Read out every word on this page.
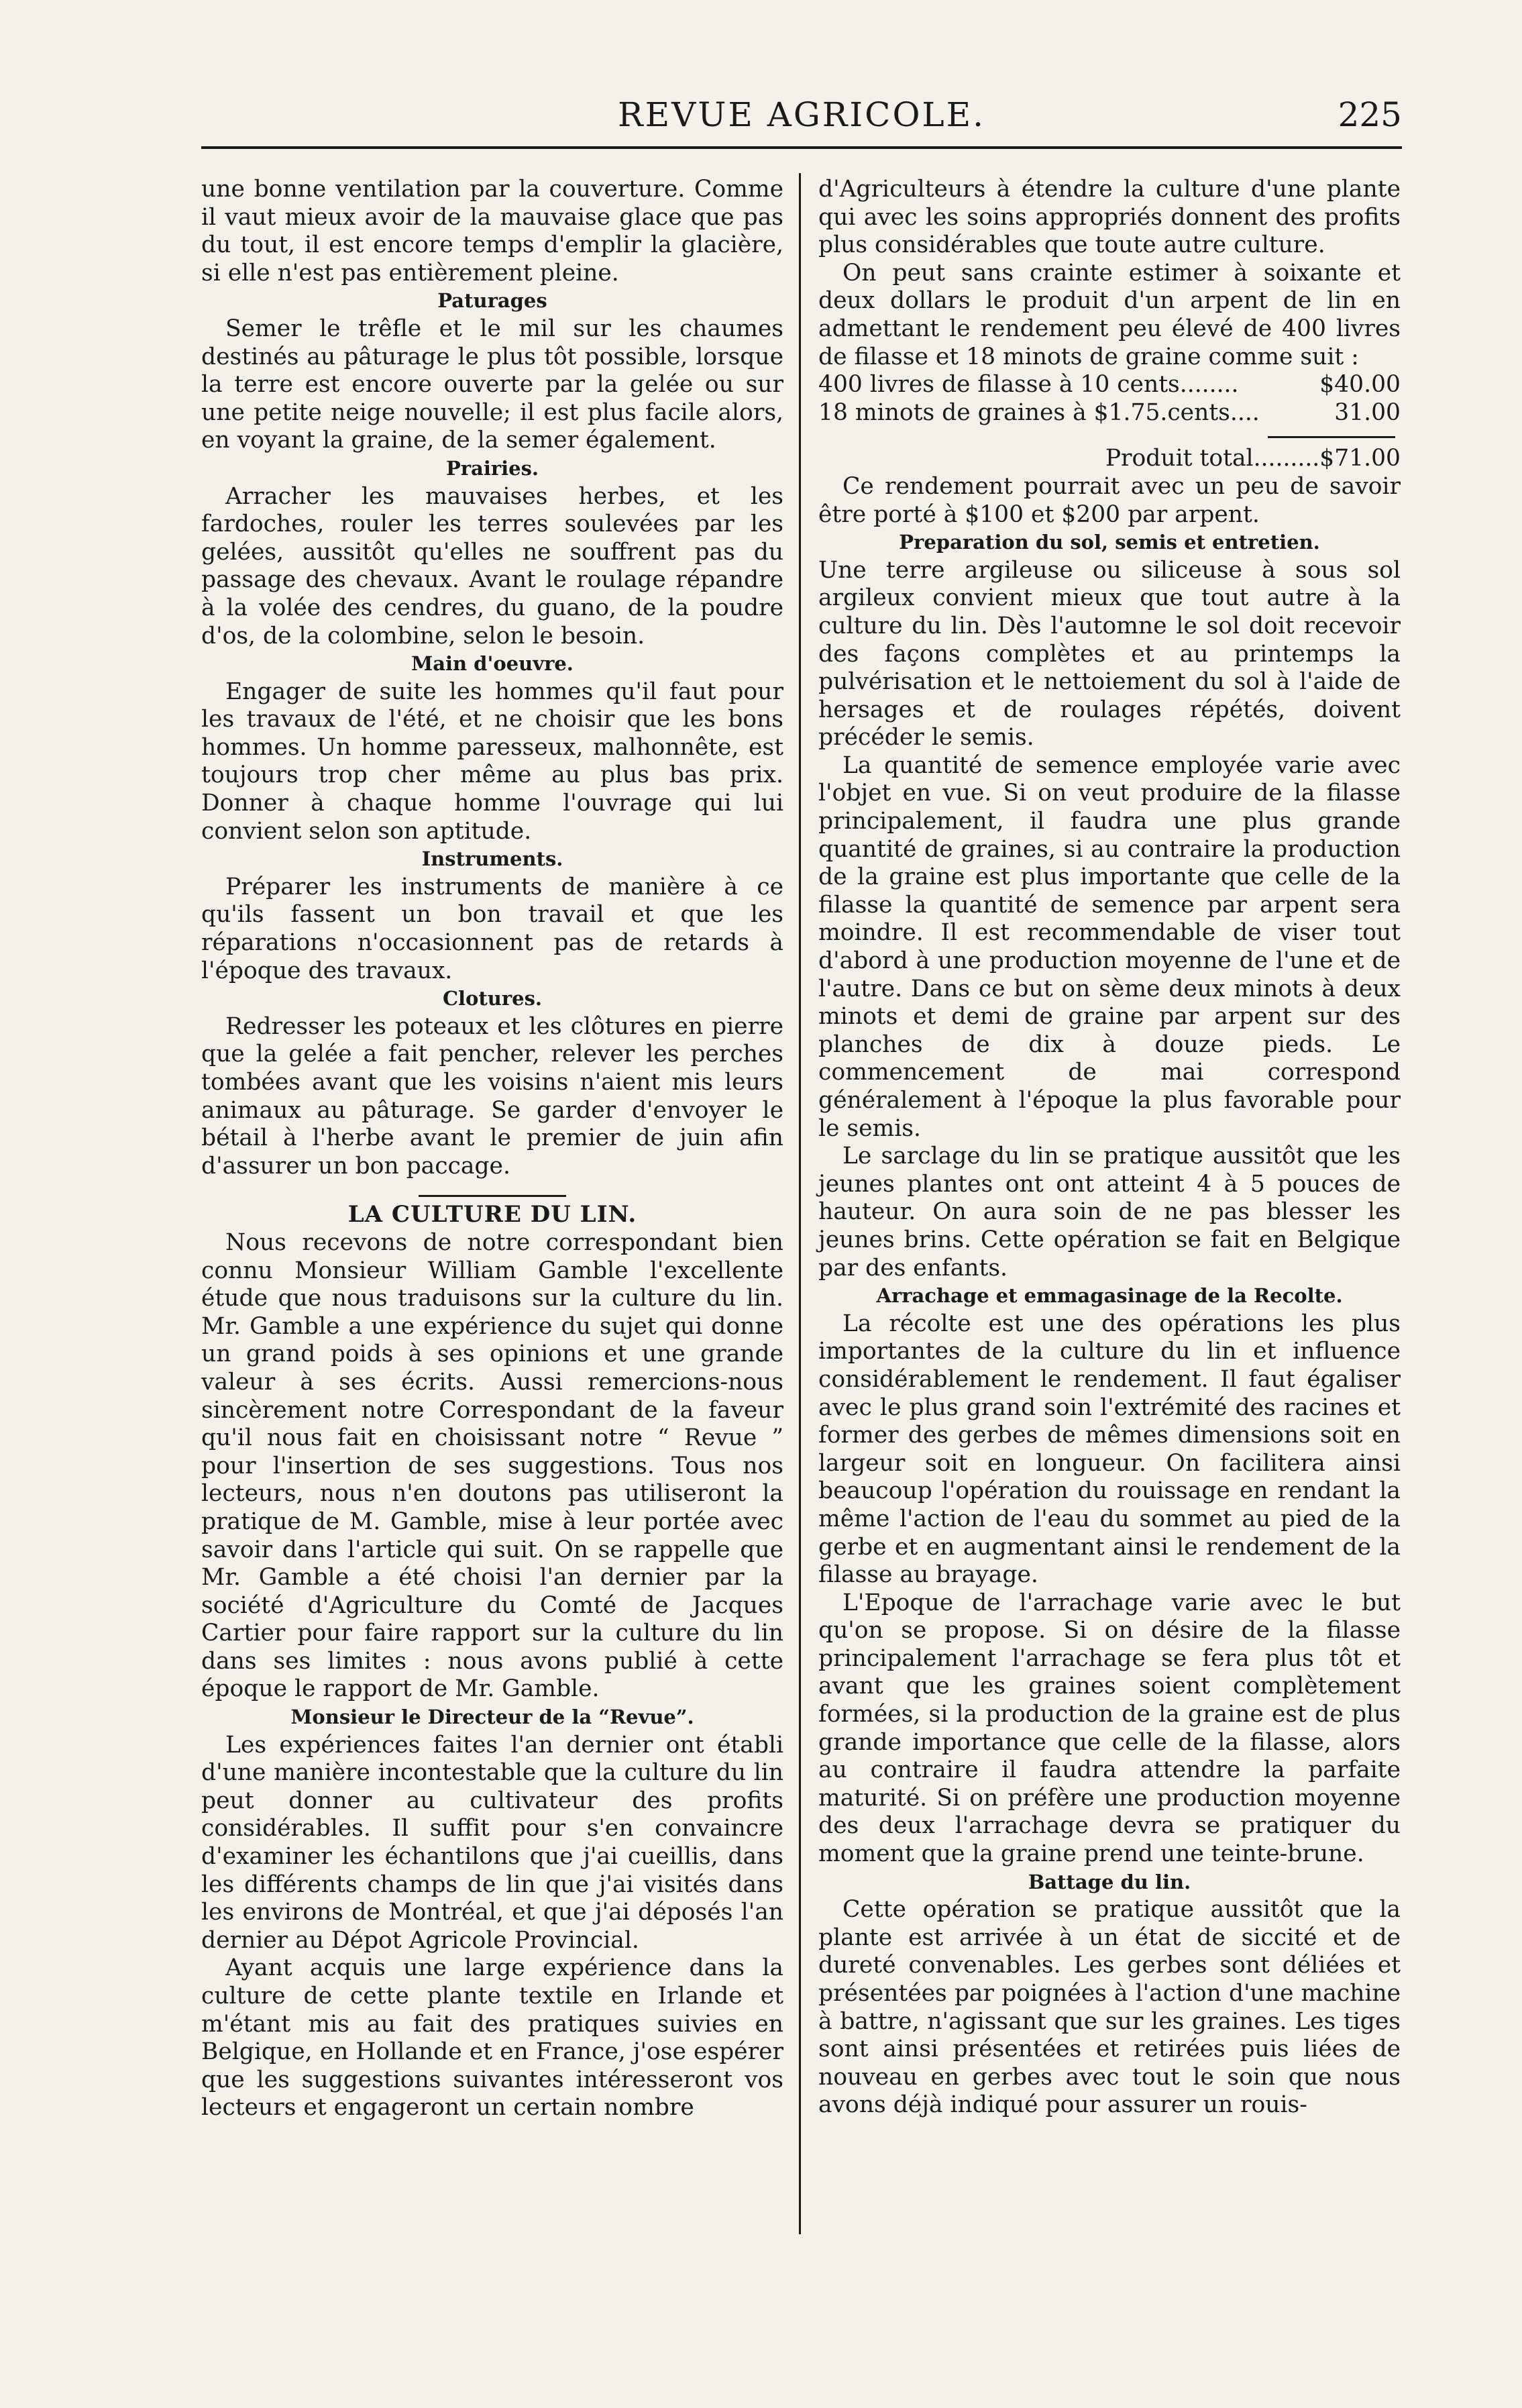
REVUE AGRICOLE.	225

une bonne ventilation par la couverture. Comme il vaut mieux avoir de la mauvaise glace que pas du tout, il est encore temps d'emplir la glacière, si elle n'est pas entièrement pleine.

Paturages

Semer le trêfle et le mil sur les chaumes destinés au pâturage le plus tôt possible, lorsque la terre est encore ouverte par la gelée ou sur une petite neige nouvelle; il est plus facile alors, en voyant la graine, de la semer également.

Prairies.

Arracher les mauvaises herbes, et les fardoches, rouler les terres soulevées par les gelées, aussitôt qu'elles ne souffrent pas du passage des chevaux. Avant le roulage répandre à la volée des cendres, du guano, de la poudre d'os, de la colombine, selon le besoin.

Main d'oeuvre.

Engager de suite les hommes qu'il faut pour les travaux de l'été, et ne choisir que les bons hommes. Un homme paresseux, malhonnête, est toujours trop cher même au plus bas prix. Donner à chaque homme l'ouvrage qui lui convient selon son aptitude.

Instruments.

Préparer les instruments de manière à ce qu'ils fassent un bon travail et que les réparations n'occasionnent pas de retards à l'époque des travaux.

Clotures.

Redresser les poteaux et les clôtures en pierre que la gelée a fait pencher, relever les perches tombées avant que les voisins n'aient mis leurs animaux au pâturage. Se garder d'envoyer le bétail à l'herbe avant le premier de juin afin d'assurer un bon paccage.

LA CULTURE DU LIN.

Nous recevons de notre correspondant bien connu Monsieur William Gamble l'excellente étude que nous traduisons sur la culture du lin. Mr. Gamble a une expérience du sujet qui donne un grand poids à ses opinions et une grande valeur à ses écrits. Aussi remercions-nous sincèrement notre Correspondant de la faveur qu'il nous fait en choisissant notre “ Revue ” pour l'insertion de ses suggestions. Tous nos lecteurs, nous n'en doutons pas utiliseront la pratique de M. Gamble, mise à leur portée avec savoir dans l'article qui suit. On se rappelle que Mr. Gamble a été choisi l'an dernier par la société d'Agriculture du Comté de Jacques Cartier pour faire rapport sur la culture du lin dans ses limites : nous avons publié à cette époque le rapport de Mr. Gamble.

Monsieur le Directeur de la “Revue”.

Les expériences faites l'an dernier ont établi d'une manière incontestable que la culture du lin peut donner au cultivateur des profits considérables. Il suffit pour s'en convaincre d'examiner les échantilons que j'ai cueillis, dans les différents champs de lin que j'ai visités dans les environs de Montréal, et que j'ai déposés l'an dernier au Dépot Agricole Provincial.

Ayant acquis une large expérience dans la culture de cette plante textile en Irlande et m'étant mis au fait des pratiques suivies en Belgique, en Hollande et en France, j'ose espérer que les suggestions suivantes intéresseront vos lecteurs et engageront un certain nombre

d'Agriculteurs à étendre la culture d'une plante qui avec les soins appropriés donnent des profits plus considérables que toute autre culture.

On peut sans crainte estimer à soixante et deux dollars le produit d'un arpent de lin en admettant le rendement peu élevé de 400 livres de filasse et 18 minots de graine comme suit :

400 livres de filasse à 10 cents........	$40.00
18 minots de graines à $1.75.cents....	31.00
Produit total......... $71.00

Ce rendement pourrait avec un peu de savoir être porté à $100 et $200 par arpent.

Preparation du sol, semis et entretien.

Une terre argileuse ou siliceuse à sous sol argileux convient mieux que tout autre à la culture du lin. Dès l'automne le sol doit recevoir des façons complètes et au printemps la pulvérisation et le nettoiement du sol à l'aide de hersages et de roulages répétés, doivent précéder le semis.

La quantité de semence employée varie avec l'objet en vue. Si on veut produire de la filasse principalement, il faudra une plus grande quantité de graines, si au contraire la production de la graine est plus importante que celle de la filasse la quantité de semence par arpent sera moindre. Il est recommendable de viser tout d'abord à une production moyenne de l'une et de l'autre. Dans ce but on sème deux minots à deux minots et demi de graine par arpent sur des planches de dix à douze pieds. Le commencement de mai correspond généralement à l'époque la plus favorable pour le semis.

Le sarclage du lin se pratique aussitôt que les jeunes plantes ont ont atteint 4 à 5 pouces de hauteur. On aura soin de ne pas blesser les jeunes brins. Cette opération se fait en Belgique par des enfants.

Arrachage et emmagasinage de la Recolte.

La récolte est une des opérations les plus importantes de la culture du lin et influence considérablement le rendement. Il faut égaliser avec le plus grand soin l'extrémité des racines et former des gerbes de mêmes dimensions soit en largeur soit en longueur. On facilitera ainsi beaucoup l'opération du rouissage en rendant la même l'action de l'eau du sommet au pied de la gerbe et en augmentant ainsi le rendement de la filasse au brayage.

L'Epoque de l'arrachage varie avec le but qu'on se propose. Si on désire de la filasse principalement l'arrachage se fera plus tôt et avant que les graines soient complètement formées, si la production de la graine est de plus grande importance que celle de la filasse, alors au contraire il faudra attendre la parfaite maturité. Si on préfère une production moyenne des deux l'arrachage devra se pratiquer du moment que la graine prend une teinte-brune.

Battage du lin.

Cette opération se pratique aussitôt que la plante est arrivée à un état de siccité et de dureté convenables. Les gerbes sont déliées et présentées par poignées à l'action d'une machine à battre, n'agissant que sur les graines. Les tiges sont ainsi présentées et retirées puis liées de nouveau en gerbes avec tout le soin que nous avons déjà indiqué pour assurer un rouis-
